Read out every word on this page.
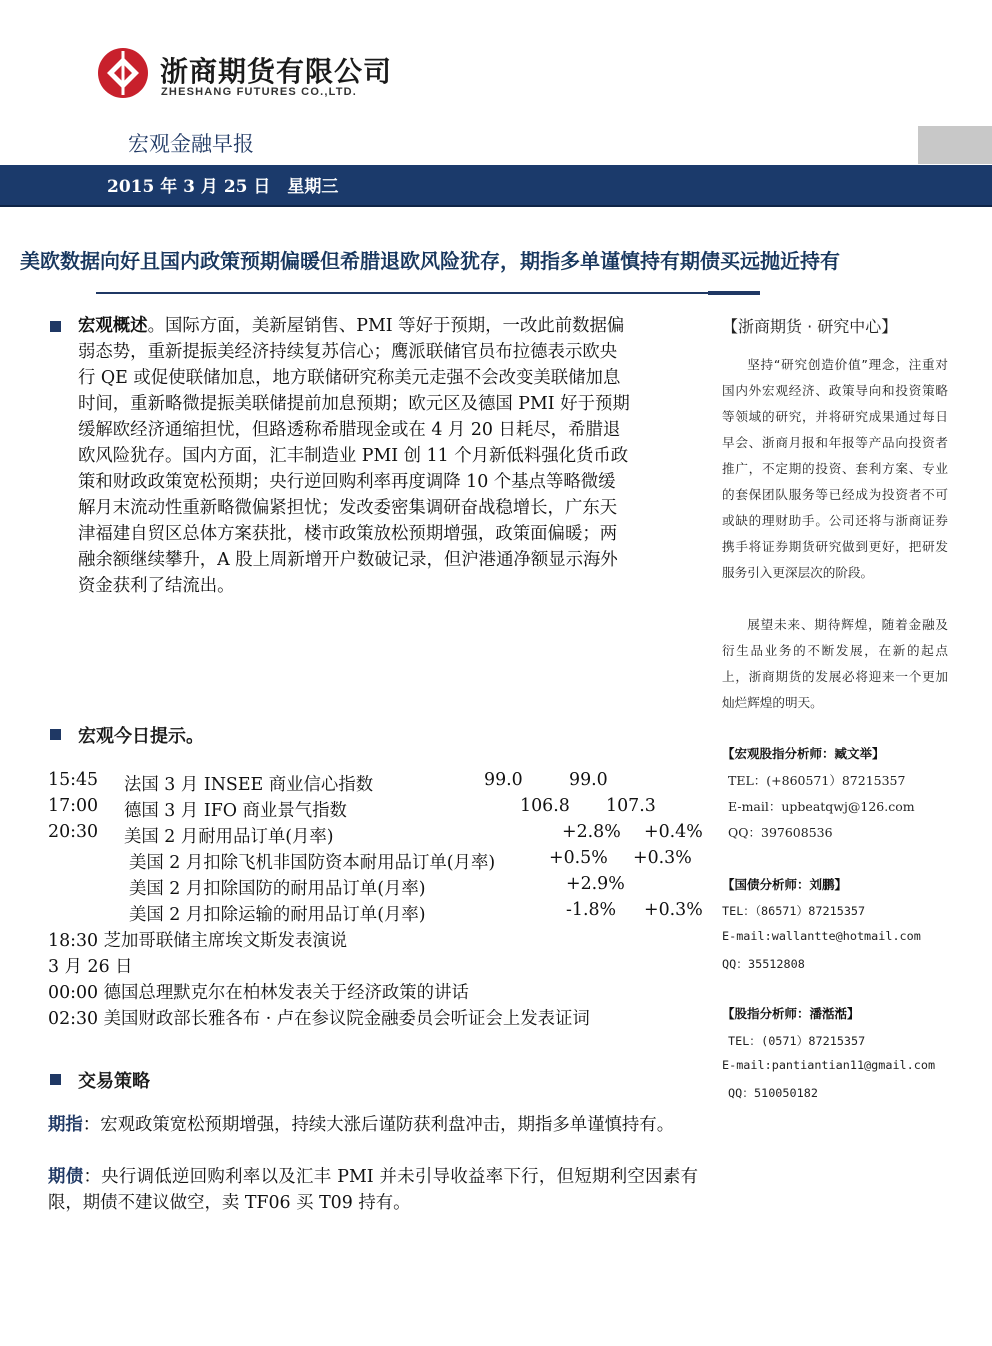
浙商期货有限公司
ZHESHANG FUTURES CO.,LTD.
宏观金融早报
2015 年 3 月 25 日　星期三
美欧数据向好且国内政策预期偏暖但希腊退欧风险犹存，期指多单谨慎持有期债买远抛近持有
宏观概述。国际方面，美新屋销售、PMI 等好于预期，一改此前数据偏
弱态势，重新提振美经济持续复苏信心；鹰派联储官员布拉德表示欧央
行 QE 或促使联储加息，地方联储研究称美元走强不会改变美联储加息
时间，重新略微提振美联储提前加息预期；欧元区及德国 PMI 好于预期
缓解欧经济通缩担忧，但路透称希腊现金或在 4 月 20 日耗尽，希腊退
欧风险犹存。国内方面，汇丰制造业 PMI 创 11 个月新低料强化货币政
策和财政政策宽松预期；央行逆回购利率再度调降 10 个基点等略微缓
解月末流动性重新略微偏紧担忧；发改委密集调研奋战稳增长，广东天
津福建自贸区总体方案获批，楼市政策放松预期增强，政策面偏暖；两
融余额继续攀升，A 股上周新增开户数破记录，但沪港通净额显示海外
资金获利了结流出。
宏观今日提示。
15:45 法国 3 月 INSEE 商业信心指数	99.0	99.0
17:00 德国 3 月 IFO 商业景气指数	106.8 107.3
20:30 美国 2 月耐用品订单(月率)	+2.8% +0.4%
美国 2 月扣除飞机非国防资本耐用品订单(月率)	+0.5% +0.3%
美国 2 月扣除国防的耐用品订单(月率)	+2.9%
美国 2 月扣除运输的耐用品订单(月率)	-1.8% +0.3%
18:30 芝加哥联储主席埃文斯发表演说
3 月 26 日
00:00 德国总理默克尔在柏林发表关于经济政策的讲话
02:30 美国财政部长雅各布 · 卢在参议院金融委员会听证会上发表证词
交易策略
期指：宏观政策宽松预期增强，持续大涨后谨防获利盘冲击，期指多单谨慎持有。
期债：央行调低逆回购利率以及汇丰 PMI 并未引导收益率下行，但短期利空因素有限，期债不建议做空，卖 TF06 买 T09 持有。
【浙商期货 · 研究中心】
坚持“研究创造价值”理念，注重对国内外宏观经济、政策导向和投资策略等领域的研究，并将研究成果通过每日早会、浙商月报和年报等产品向投资者推广，不定期的投资、套利方案、专业的套保团队服务等已经成为投资者不可或缺的理财助手。公司还将与浙商证券携手将证券期货研究做到更好，把研发服务引入更深层次的阶段。
展望未来、期待辉煌，随着金融及衍生品业务的不断发展，在新的起点上，浙商期货的发展必将迎来一个更加灿烂辉煌的明天。
【宏观股指分析师：臧文举】
TEL：(+860571）87215357
E-mail：upbeatqwj@126.com
QQ：397608536
【国债分析师：刘鹏】
TEL：（86571）87215357
E-mail:wallantte@hotmail.com
QQ：35512808
【股指分析师：潘湉湉】
TEL：(0571）87215357
E-mail:pantiantian11@gmail.com
QQ：510050182
